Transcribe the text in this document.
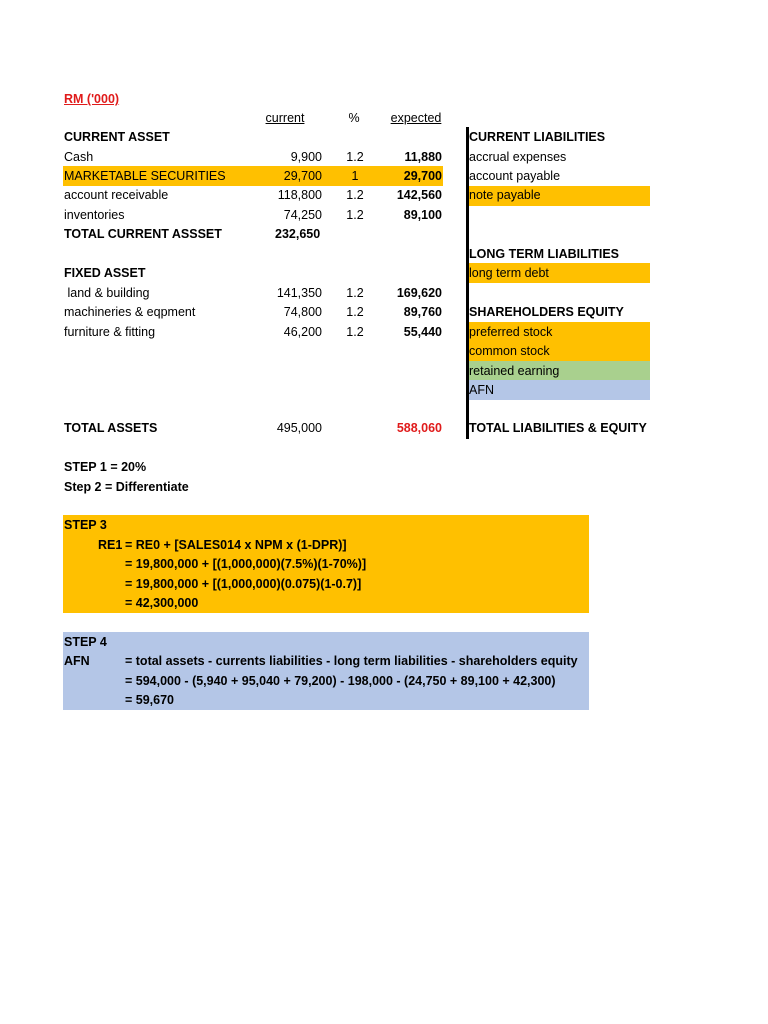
RM ('000)
current	%	expected
CURRENT ASSET
Cash	9,900	1.2	11,880
MARKETABLE SECURITIES	29,700	1	29,700
account receivable	118,800	1.2	142,560
inventories	74,250	1.2	89,100
TOTAL CURRENT ASSSET	232,650
FIXED ASSET
land & building	141,350	1.2	169,620
machineries & eqpment	74,800	1.2	89,760
furniture & fitting	46,200	1.2	55,440
TOTAL ASSETS	495,000	588,060
CURRENT LIABILITIES
accrual expenses
account payable
note payable
LONG TERM LIABILITIES
long term debt
SHAREHOLDERS EQUITY
preferred stock
common stock
retained earning
AFN
TOTAL LIABILITIES & EQUITY
STEP 1 = 20%
Step 2 = Differentiate
STEP 3
RE1 = RE0 + [SALES014 x NPM x (1-DPR)]
= 19,800,000 + [(1,000,000)(7.5%)(1-70%)]
= 19,800,000 + [(1,000,000)(0.075)(1-0.7)]
= 42,300,000
STEP 4
AFN	= total assets - currents liabilities - long term liabilities - shareholders equity
= 594,000 - (5,940 + 95,040 + 79,200) - 198,000 - (24,750 + 89,100 + 42,300)
= 59,670
